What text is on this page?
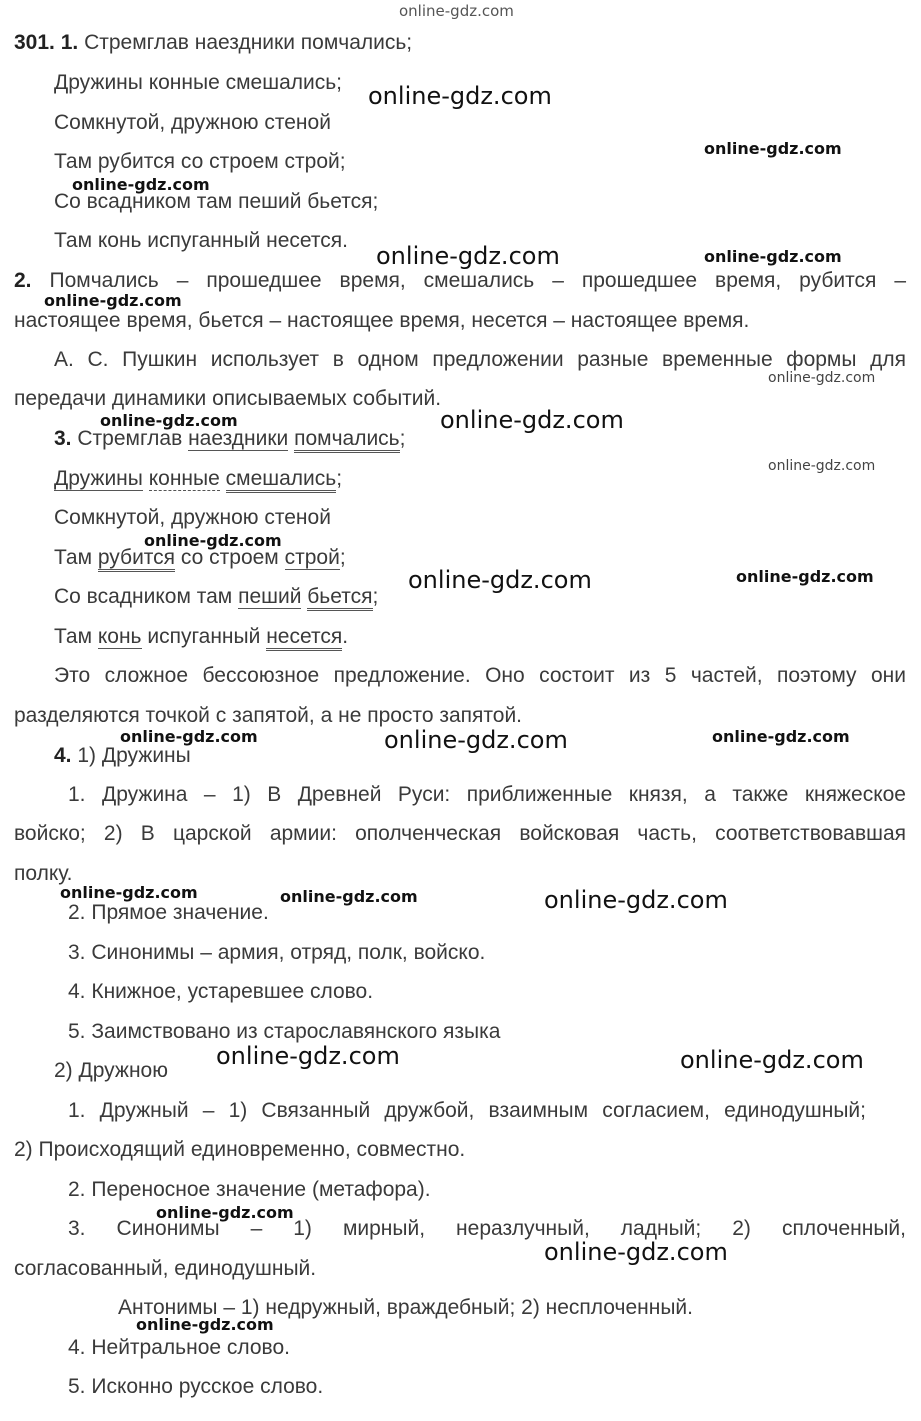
online-gdz.com
online-gdz.com
online-gdz.com
online-gdz.com
online-gdz.com	online-gdz.com
online-gdz.com
online-gdz.com
online-gdz.com	online-gdz.com
online-gdz.com
online-gdz.com
online-gdz.com	online-gdz.com
online-gdz.com	online-gdz.com	online-gdz.com
online-gdz.com	online-gdz.com	online-gdz.com
online-gdz.com	online-gdz.com
online-gdz.com
online-gdz.com
online-gdz.com
301. 1. Стремглав наездники помчались;
Дружины конные смешались;
Сомкнутой, дружною стеной
Там рубится со строем строй;
Со всадником там пеший бьется;
Там конь испуганный несется.
2. Помчались – прошедшее время, смешались – прошедшее время, рубится –
настоящее время, бьется – настоящее время, несется – настоящее время.
А. С. Пушкин использует в одном предложении разные временные формы для
передачи динамики описываемых событий.
3. Стремглав наездники помчались;
Дружины конные смешались;
Сомкнутой, дружною стеной
Там рубится со строем строй;
Со всадником там пеший бьется;
Там конь испуганный несется.
Это сложное бессоюзное предложение. Оно состоит из 5 частей, поэтому они
разделяются точкой с запятой, а не просто запятой.
4. 1) Дружины
1. Дружина – 1) В Древней Руси: приближенные князя, а также княжеское
войско; 2) В царской армии: ополченческая войсковая часть, соответствовавшая
полку.
2. Прямое значение.
3. Синонимы – армия, отряд, полк, войско.
4. Книжное, устаревшее слово.
5. Заимствовано из старославянского языка
2) Дружною
1. Дружный – 1) Связанный дружбой, взаимным согласием, единодушный;
2) Происходящий единовременно, совместно.
2. Переносное значение (метафора).
3. Синонимы – 1) мирный, неразлучный, ладный; 2) сплоченный,
согласованный, единодушный.
Антонимы – 1) недружный, враждебный; 2) несплоченный.
4. Нейтральное слово.
5. Исконно русское слово.
